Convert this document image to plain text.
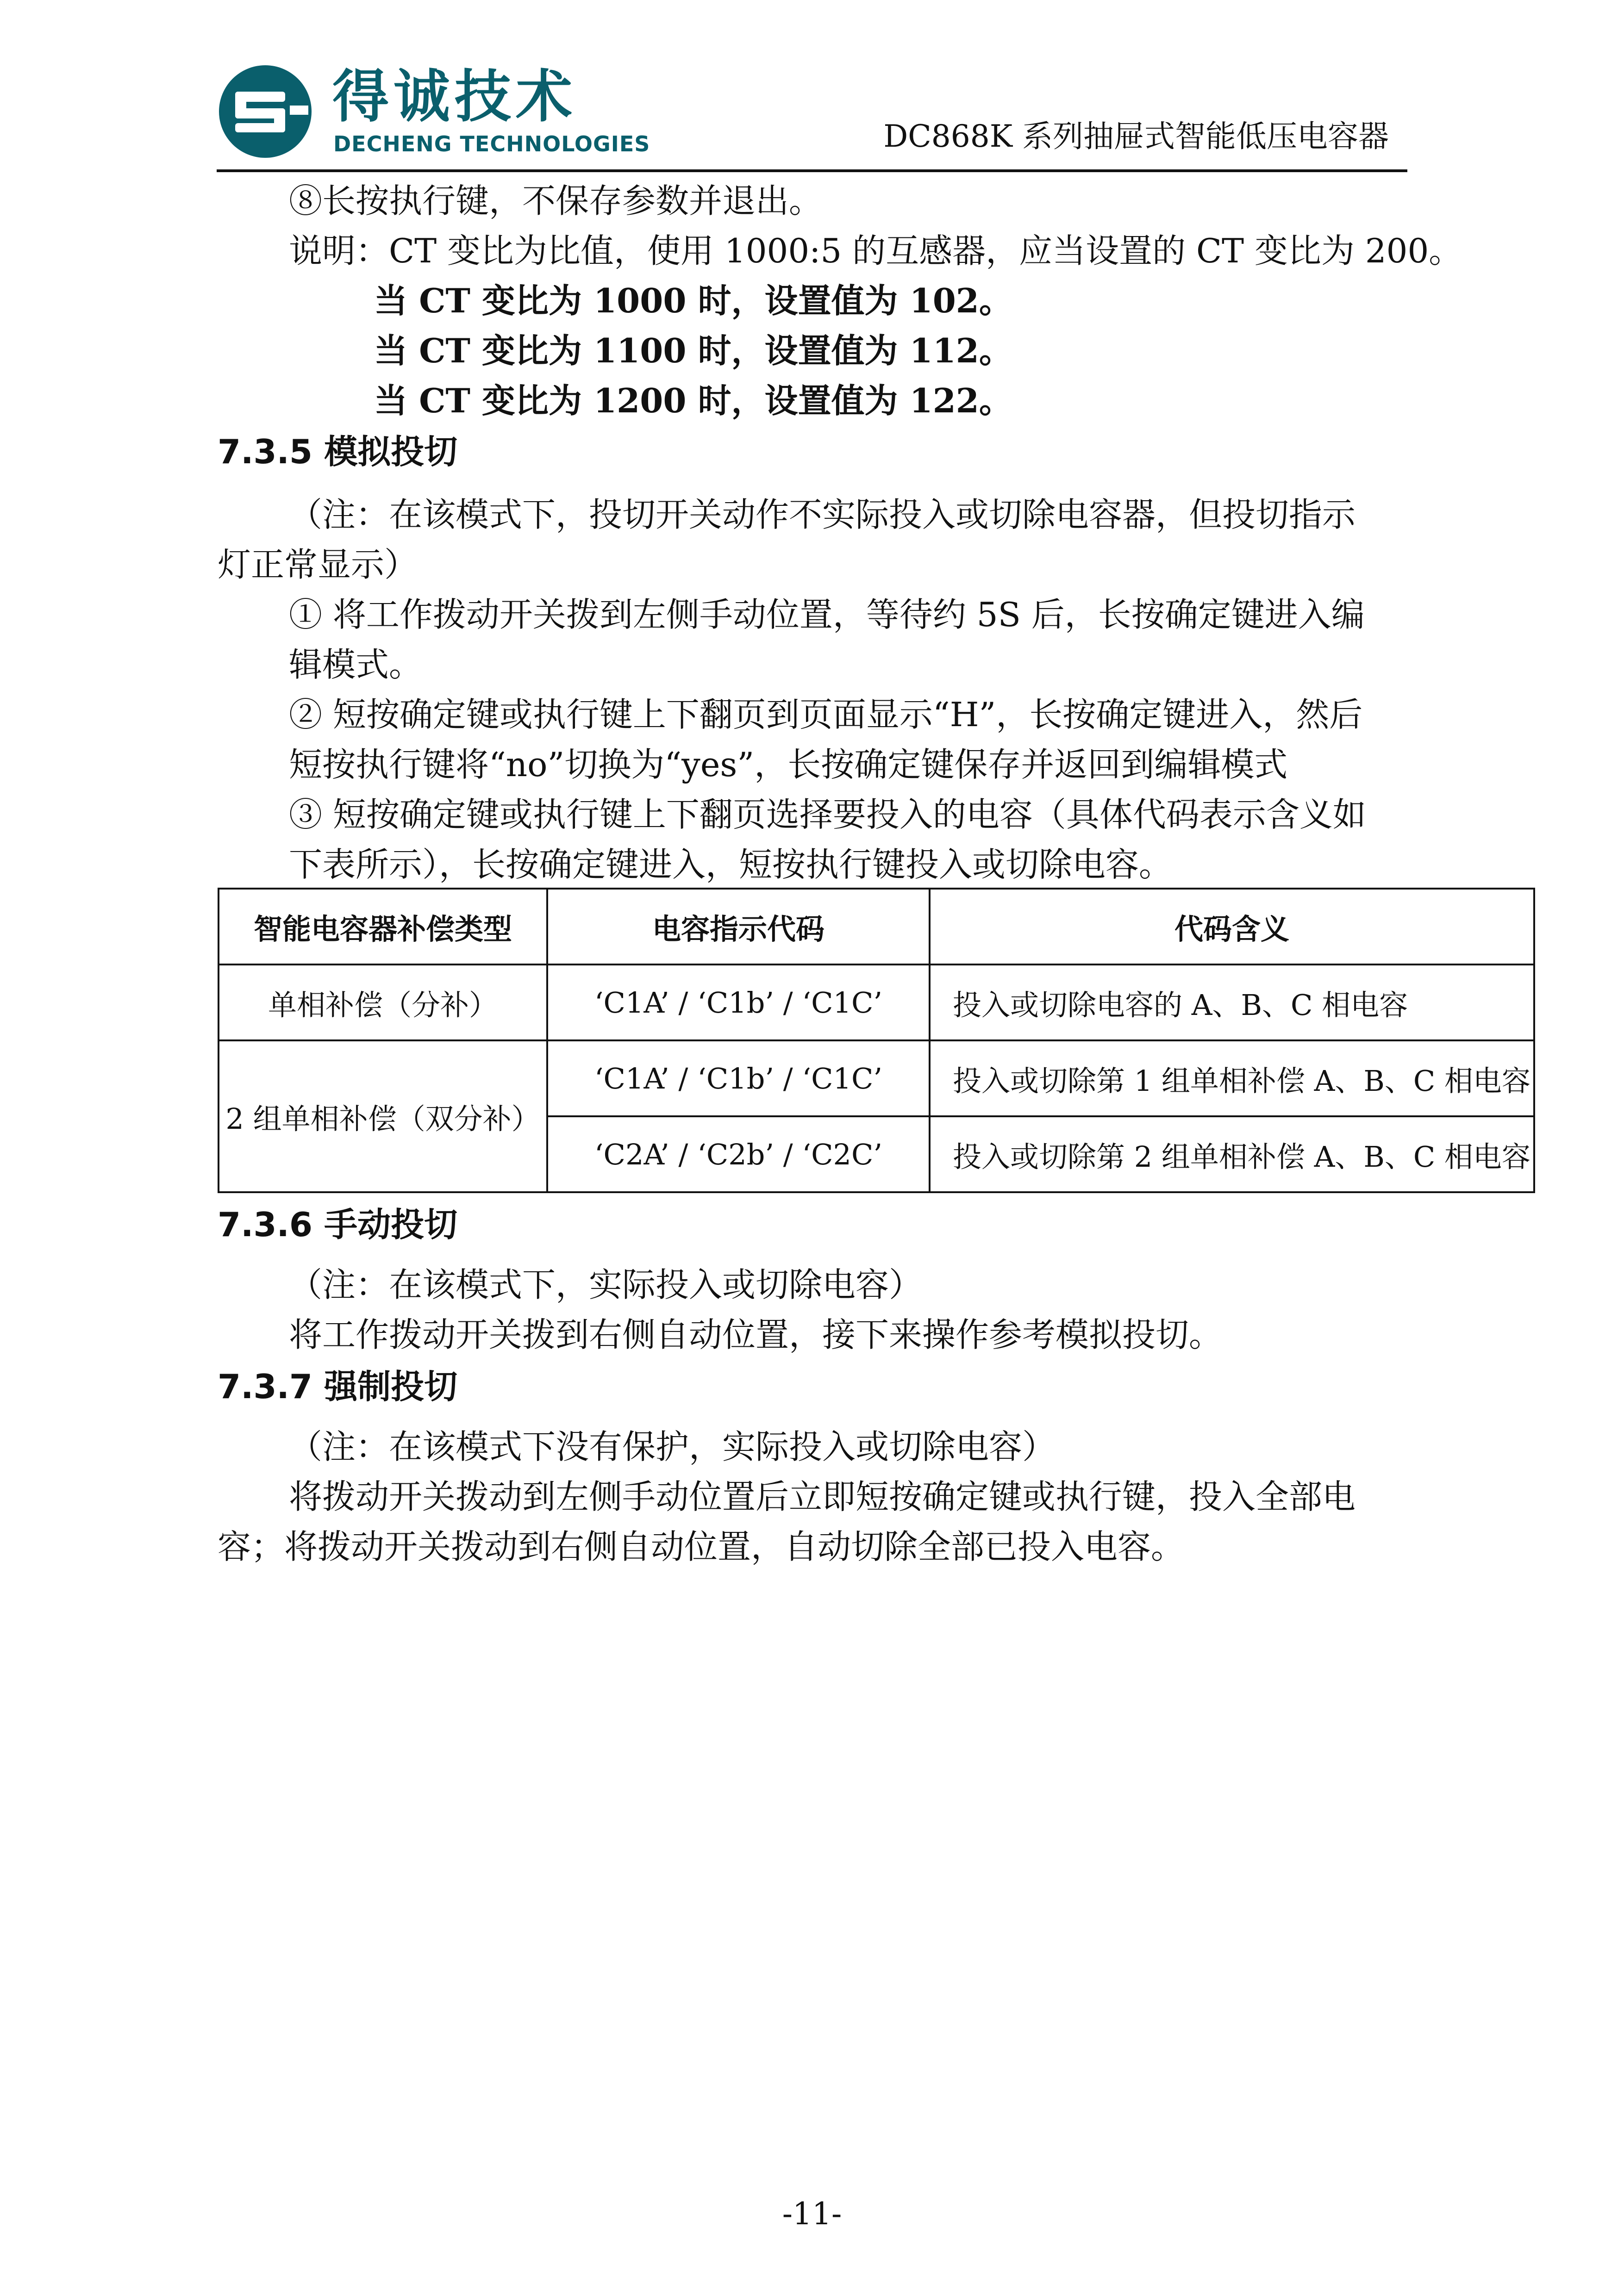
得诚技术
DECHENG TECHNOLOGIES	DC868K 系列抽屉式智能低压电容器
⑧长按执行键，不保存参数并退出。
说明：CT 变比为比值，使用 1000:5 的互感器，应当设置的 CT 变比为 200。
当 CT 变比为 1000 时，设置值为 102。
当 CT 变比为 1100 时，设置值为 112。
当 CT 变比为 1200 时，设置值为 122。
7.3.5 模拟投切
（注：在该模式下，投切开关动作不实际投入或切除电容器，但投切指示
灯正常显示）
① 将工作拨动开关拨到左侧手动位置，等待约 5S 后，长按确定键进入编
辑模式。
② 短按确定键或执行键上下翻页到页面显示“H”，长按确定键进入，然后
短按执行键将“no”切换为“yes”，长按确定键保存并返回到编辑模式
③ 短按确定键或执行键上下翻页选择要投入的电容（具体代码表示含义如
下表所示），长按确定键进入，短按执行键投入或切除电容。
智能电容器补偿类型	电容指示代码	代码含义
单相补偿（分补）	‘C1A’ / ‘C1b’ / ‘C1C’	投入或切除电容的 A、B、C 相电容
2 组单相补偿（双分补）	‘C1A’ / ‘C1b’ / ‘C1C’	投入或切除第 1 组单相补偿 A、B、C 相电容
	‘C2A’ / ‘C2b’ / ‘C2C’	投入或切除第 2 组单相补偿 A、B、C 相电容
7.3.6 手动投切
（注：在该模式下，实际投入或切除电容）
将工作拨动开关拨到右侧自动位置，接下来操作参考模拟投切。
7.3.7 强制投切
（注：在该模式下没有保护，实际投入或切除电容）
将拨动开关拨动到左侧手动位置后立即短按确定键或执行键，投入全部电
容；将拨动开关拨动到右侧自动位置，自动切除全部已投入电容。
-11-
